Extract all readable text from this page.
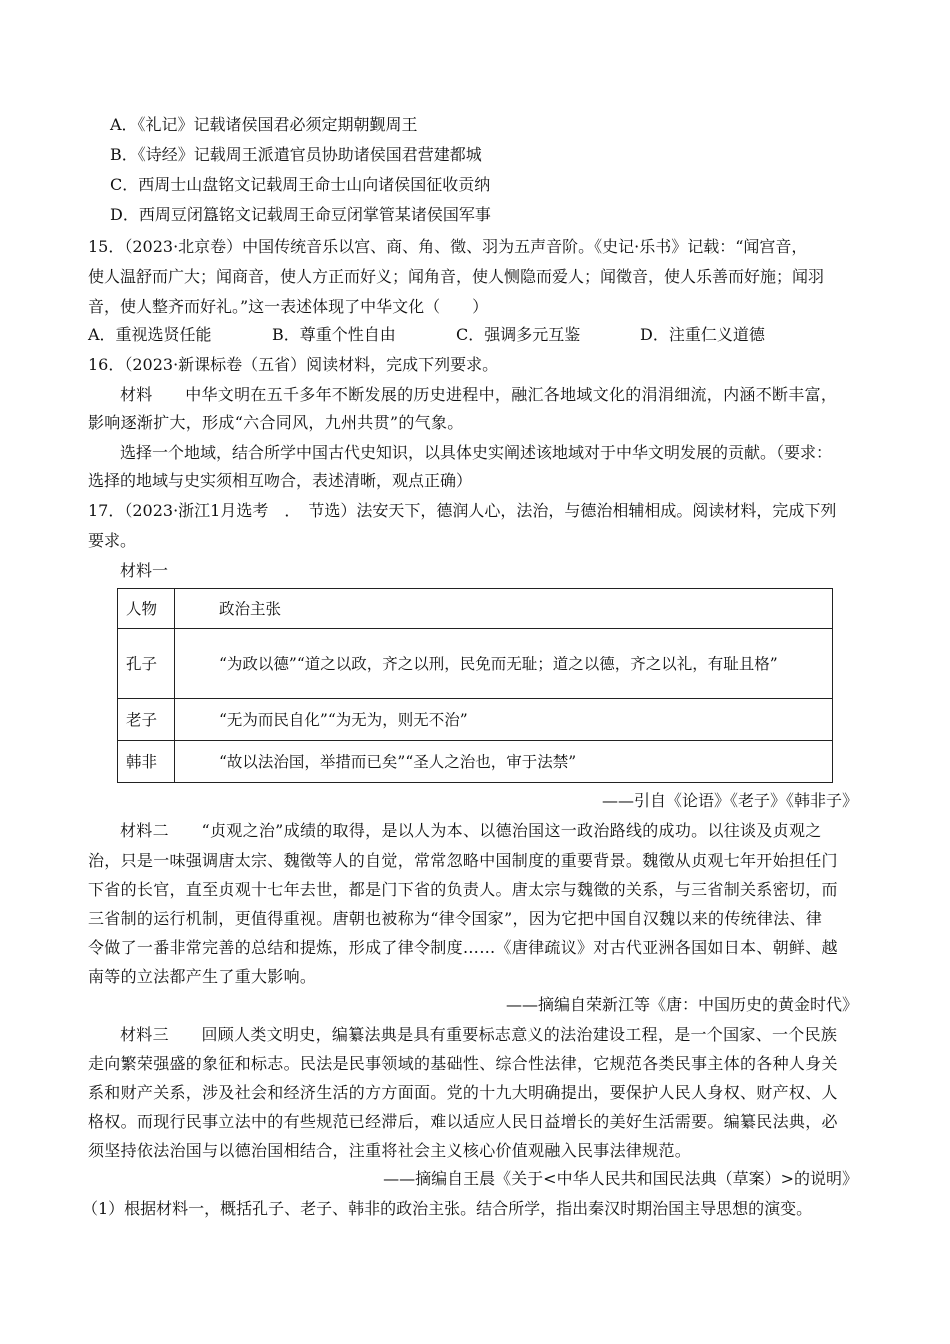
A．《礼记》记载诸侯国君必须定期朝觐周王
B．《诗经》记载周王派遣官员协助诸侯国君营建都城
C．西周士山盘铭文记载周王命士山向诸侯国征收贡纳
D．西周豆闭簋铭文记载周王命豆闭掌管某诸侯国军事
15．（2023·北京卷）中国传统音乐以宫、商、角、徵、羽为五声音阶。《史记·乐书》记载：“闻宫音，
使人温舒而广大；闻商音，使人方正而好义；闻角音，使人恻隐而爱人；闻徵音，使人乐善而好施；闻羽
音，使人整齐而好礼。”这一表述体现了中华文化（　　）
A．重视选贤任能	B．尊重个性自由	C．强调多元互鉴	D．注重仁义道德
16．（2023·新课标卷（五省）阅读材料，完成下列要求。
材料　　中华文明在五千多年不断发展的历史进程中，融汇各地域文化的涓涓细流，内涵不断丰富，
影响逐渐扩大，形成“六合同风，九州共贯”的气象。
选择一个地域，结合所学中国古代史知识，以具体史实阐述该地域对于中华文明发展的贡献。（要求：
选择的地域与史实须相互吻合，表述清晰，观点正确）
17．（2023·浙江1月选考　．　节选）法安天下，德润人心，法治，与德治相辅相成。阅读材料，完成下列
要求。
材料一
人物	政治主张
孔子	“为政以德”“道之以政，齐之以刑，民免而无耻；道之以德，齐之以礼，有耻且格”
老子	“无为而民自化”“为无为，则无不治”
韩非	“故以法治国，举措而已矣”“圣人之治也，审于法禁”
——引自《论语》《老子》《韩非子》
材料二　　“贞观之治”成绩的取得，是以人为本、以德治国这一政治路线的成功。以往谈及贞观之
治，只是一味强调唐太宗、魏徵等人的自觉，常常忽略中国制度的重要背景。魏徵从贞观七年开始担任门
下省的长官，直至贞观十七年去世，都是门下省的负责人。唐太宗与魏徵的关系，与三省制关系密切，而
三省制的运行机制，更值得重视。唐朝也被称为“律令国家”，因为它把中国自汉魏以来的传统律法、律
令做了一番非常完善的总结和提炼，形成了律令制度……《唐律疏议》对古代亚洲各国如日本、朝鲜、越
南等的立法都产生了重大影响。
——摘编自荣新江等《唐：中国历史的黄金时代》
材料三　　回顾人类文明史，编纂法典是具有重要标志意义的法治建设工程，是一个国家、一个民族
走向繁荣强盛的象征和标志。民法是民事领域的基础性、综合性法律，它规范各类民事主体的各种人身关
系和财产关系，涉及社会和经济生活的方方面面。党的十九大明确提出，要保护人民人身权、财产权、人
格权。而现行民事立法中的有些规范已经滞后，难以适应人民日益增长的美好生活需要。编纂民法典，必
须坚持依法治国与以德治国相结合，注重将社会主义核心价值观融入民事法律规范。
——摘编自王晨《关于<中华人民共和国民法典（草案）>的说明》
（1）根据材料一，概括孔子、老子、韩非的政治主张。结合所学，指出秦汉时期治国主导思想的演变。
